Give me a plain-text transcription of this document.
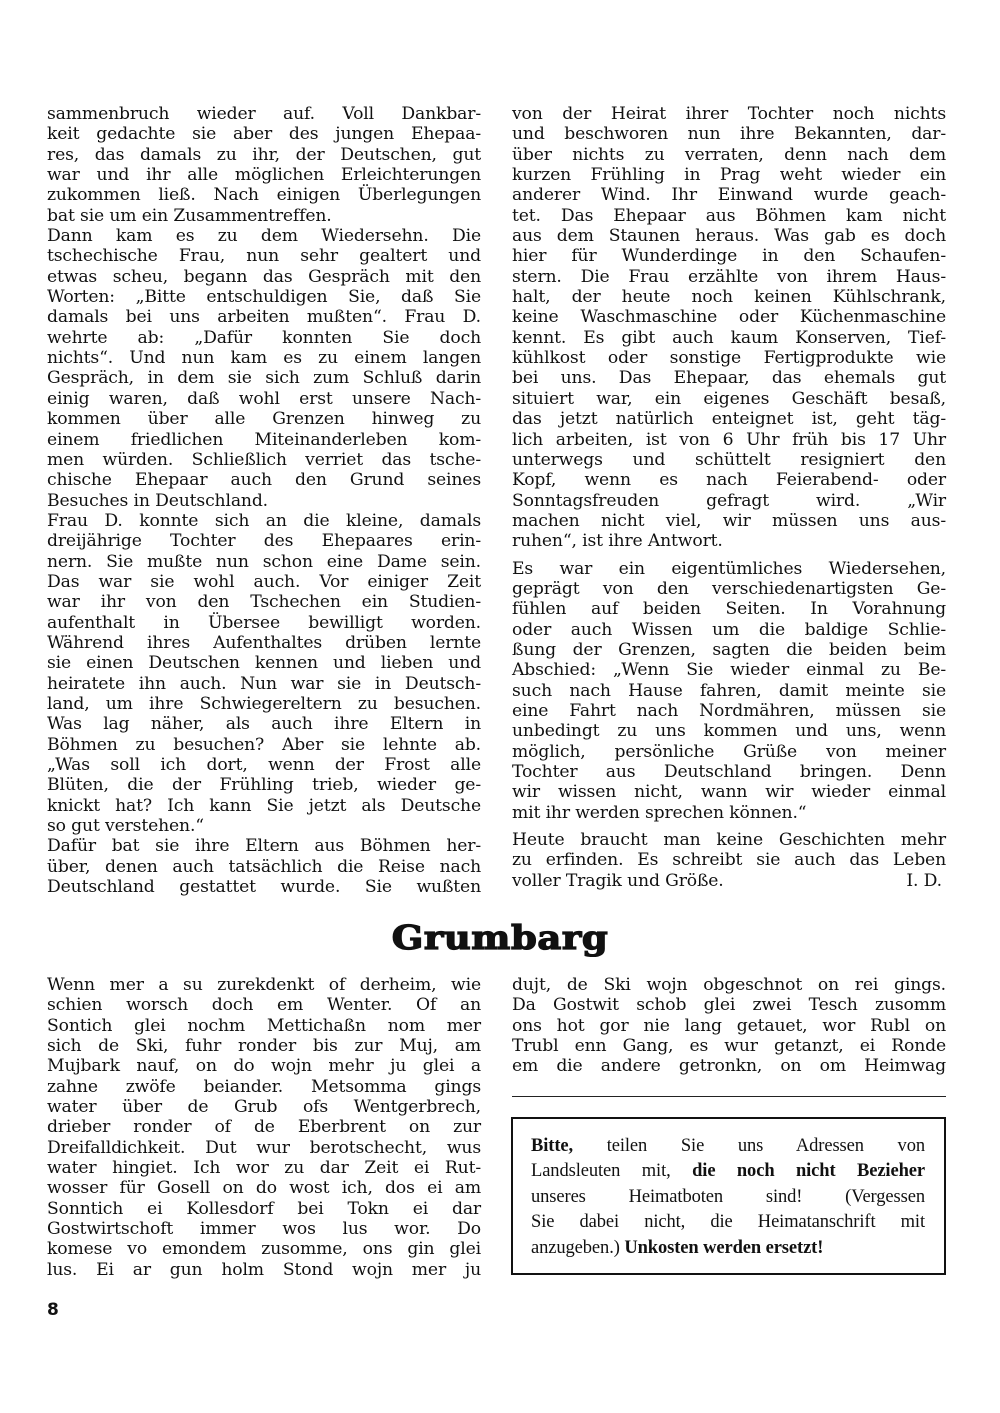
sammenbruch wieder auf. Voll Dankbar-
keit gedachte sie aber des jungen Ehepaa-
res, das damals zu ihr, der Deutschen, gut
war und ihr alle möglichen Erleichterungen
zukommen ließ. Nach einigen Überlegungen
bat sie um ein Zusammentreffen.

Dann kam es zu dem Wiedersehn. Die
tschechische Frau, nun sehr gealtert und
etwas scheu, begann das Gespräch mit den
Worten: „Bitte entschuldigen Sie, daß Sie
damals bei uns arbeiten mußten“. Frau D.
wehrte ab: „Dafür konnten Sie doch
nichts“. Und nun kam es zu einem langen
Gespräch, in dem sie sich zum Schluß darin
einig waren, daß wohl erst unsere Nach-
kommen über alle Grenzen hinweg zu
einem friedlichen Miteinanderleben kom-
men würden. Schließlich verriet das tsche-
chische Ehepaar auch den Grund seines
Besuches in Deutschland.

Frau D. konnte sich an die kleine, damals
dreijährige Tochter des Ehepaares erin-
nern. Sie mußte nun schon eine Dame sein.
Das war sie wohl auch. Vor einiger Zeit
war ihr von den Tschechen ein Studien-
aufenthalt in Übersee bewilligt worden.
Während ihres Aufenthaltes drüben lernte
sie einen Deutschen kennen und lieben und
heiratete ihn auch. Nun war sie in Deutsch-
land, um ihre Schwiegereltern zu besuchen.
Was lag näher, als auch ihre Eltern in
Böhmen zu besuchen? Aber sie lehnte ab.
„Was soll ich dort, wenn der Frost alle
Blüten, die der Frühling trieb, wieder ge-
knickt hat? Ich kann Sie jetzt als Deutsche
so gut verstehen.“

Dafür bat sie ihre Eltern aus Böhmen her-
über, denen auch tatsächlich die Reise nach
Deutschland gestattet wurde. Sie wußten

von der Heirat ihrer Tochter noch nichts
und beschworen nun ihre Bekannten, dar-
über nichts zu verraten, denn nach dem
kurzen Frühling in Prag weht wieder ein
anderer Wind. Ihr Einwand wurde geach-
tet. Das Ehepaar aus Böhmen kam nicht
aus dem Staunen heraus. Was gab es doch
hier für Wunderdinge in den Schaufen-
stern. Die Frau erzählte von ihrem Haus-
halt, der heute noch keinen Kühlschrank,
keine Waschmaschine oder Küchenmaschine
kennt. Es gibt auch kaum Konserven, Tief-
kühlkost oder sonstige Fertigprodukte wie
bei uns. Das Ehepaar, das ehemals gut
situiert war, ein eigenes Geschäft besaß,
das jetzt natürlich enteignet ist, geht täg-
lich arbeiten, ist von 6 Uhr früh bis 17 Uhr
unterwegs und schüttelt resigniert den
Kopf, wenn es nach Feierabend- oder
Sonntagsfreuden gefragt wird. „Wir
machen nicht viel, wir müssen uns aus-
ruhen“, ist ihre Antwort.

Es war ein eigentümliches Wiedersehen,
geprägt von den verschiedenartigsten Ge-
fühlen auf beiden Seiten. In Vorahnung
oder auch Wissen um die baldige Schlie-
ßung der Grenzen, sagten die beiden beim
Abschied: „Wenn Sie wieder einmal zu Be-
such nach Hause fahren, damit meinte sie
eine Fahrt nach Nordmähren, müssen sie
unbedingt zu uns kommen und uns, wenn
möglich, persönliche Grüße von meiner
Tochter aus Deutschland bringen. Denn
wir wissen nicht, wann wir wieder einmal
mit ihr werden sprechen können.“

Heute braucht man keine Geschichten mehr
zu erfinden. Es schreibt sie auch das Leben
voller Tragik und Größe.	I. D.

Grumbarg

Wenn mer a su zurekdenkt of derheim, wie
schien worsch doch em Wenter. Of an
Sontich glei nochm Mettichaßn nom mer
sich de Ski, fuhr ronder bis zur Muj, am
Mujbark nauf, on do wojn mehr ju glei a
zahne zwöfe beiander. Metsomma gings
water über de Grub ofs Wentgerbrech,
drieber ronder of de Eberbrent on zur
Dreifalldichkeit. Dut wur berotschecht, wus
water hingiet. Ich wor zu dar Zeit ei Rut-
wosser für Gosell on do wost ich, dos ei am
Sonntich ei Kollesdorf bei Tokn ei dar
Gostwirtschoft immer wos lus wor. Do
komese vo emondem zusomme, ons gin glei
lus. Ei ar gun holm Stond wojn mer ju

dujt, de Ski wojn obgeschnot on rei gings.
Da Gostwit schob glei zwei Tesch zusomm
ons hot gor nie lang getauet, wor Rubl on
Trubl enn Gang, es wur getanzt, ei Ronde
em die andere getronkn, on om Heimwag

Bitte, teilen Sie uns Adressen von
Landsleuten mit, die noch nicht Bezieher
unseres Heimatboten sind! (Vergessen
Sie dabei nicht, die Heimatanschrift mit
anzugeben.) Unkosten werden ersetzt!
8
